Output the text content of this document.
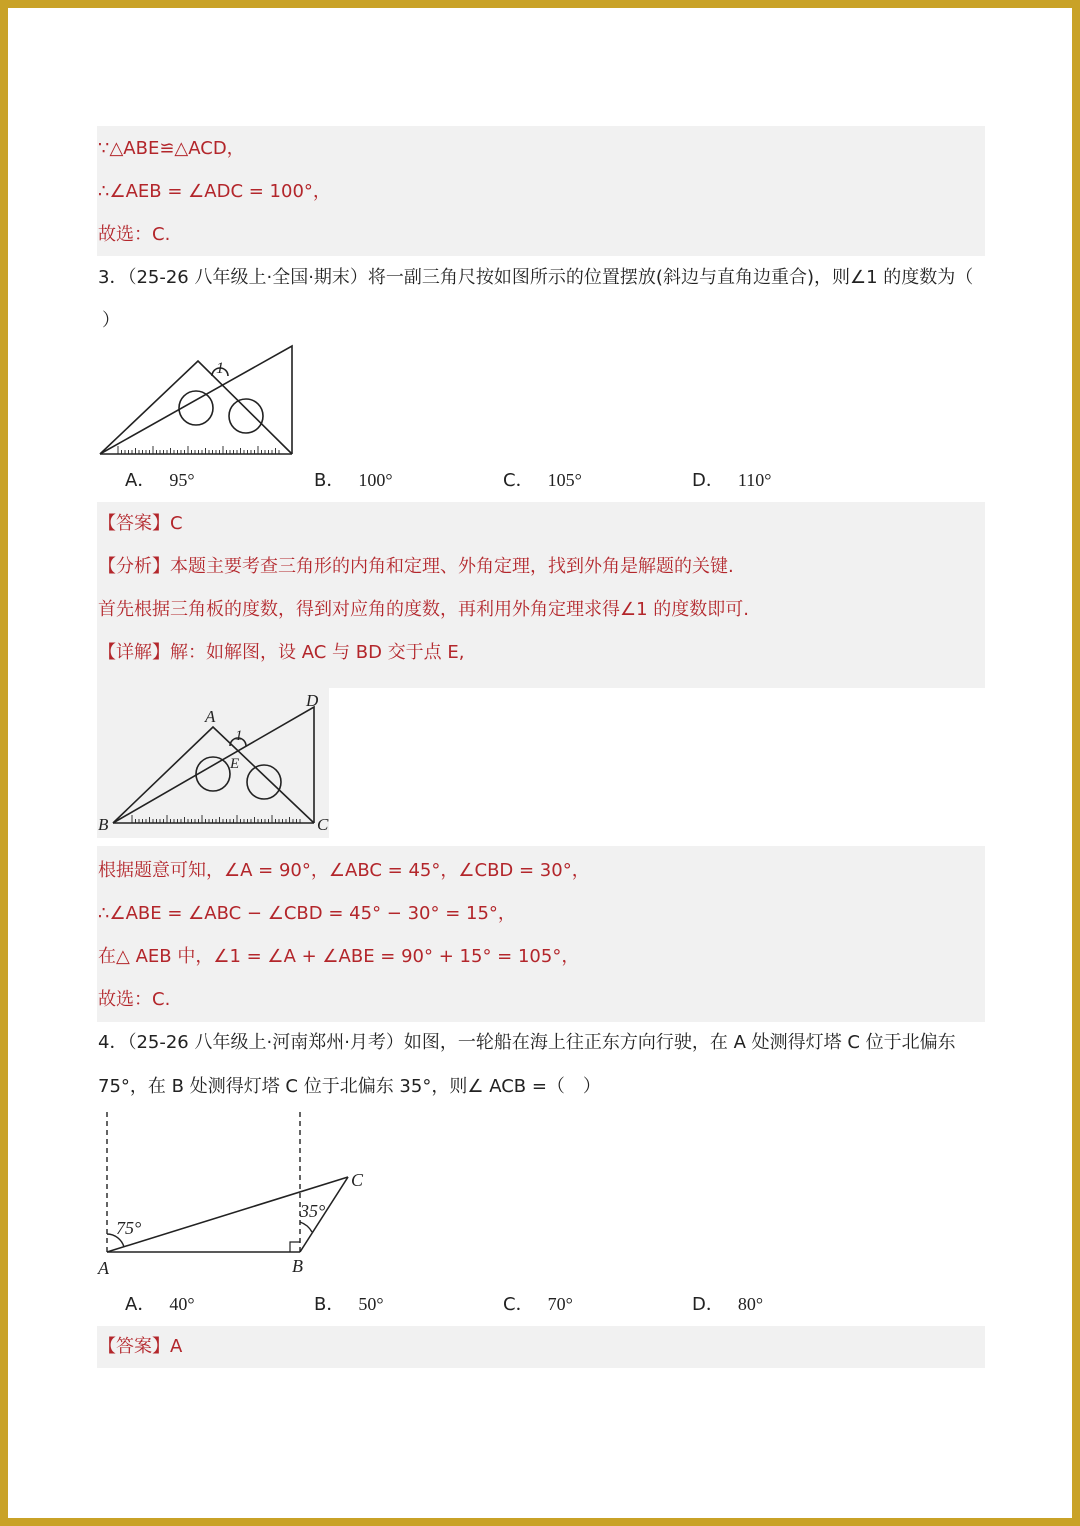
∵△ABE≌△ACD，
∴∠AEB = ∠ADC = 100°，
故选：C.
3．（25-26 八年级上·全国·期末）将一副三角尺按如图所示的位置摆放(斜边与直角边重合)，则∠1 的度数为（
）
1
A． 95°	B． 100°	C． 105°	D． 110°
【答案】C
【分析】本题主要考查三角形的内角和定理、外角定理，找到外角是解题的关键.
首先根据三角板的度数，得到对应角的度数，再利用外角定理求得∠1 的度数即可.
【详解】解：如解图，设 AC 与 BD 交于点 E,
A
B	C
D
E
1
根据题意可知，∠A = 90°，∠ABC = 45°，∠CBD = 30°，
∴∠ABE = ∠ABC − ∠CBD = 45° − 30° = 15°，
在△ AEB 中，∠1 = ∠A + ∠ABE = 90° + 15° = 105°，
故选：C.
4．（25-26 八年级上·河南郑州·月考）如图，一轮船在海上往正东方向行驶，在 A 处测得灯塔 C 位于北偏东
75°，在 B 处测得灯塔 C 位于北偏东 35°，则∠ ACB =（　）
A	B
C
75°
35°
A． 40°	B． 50°	C． 70°	D． 80°
【答案】A
